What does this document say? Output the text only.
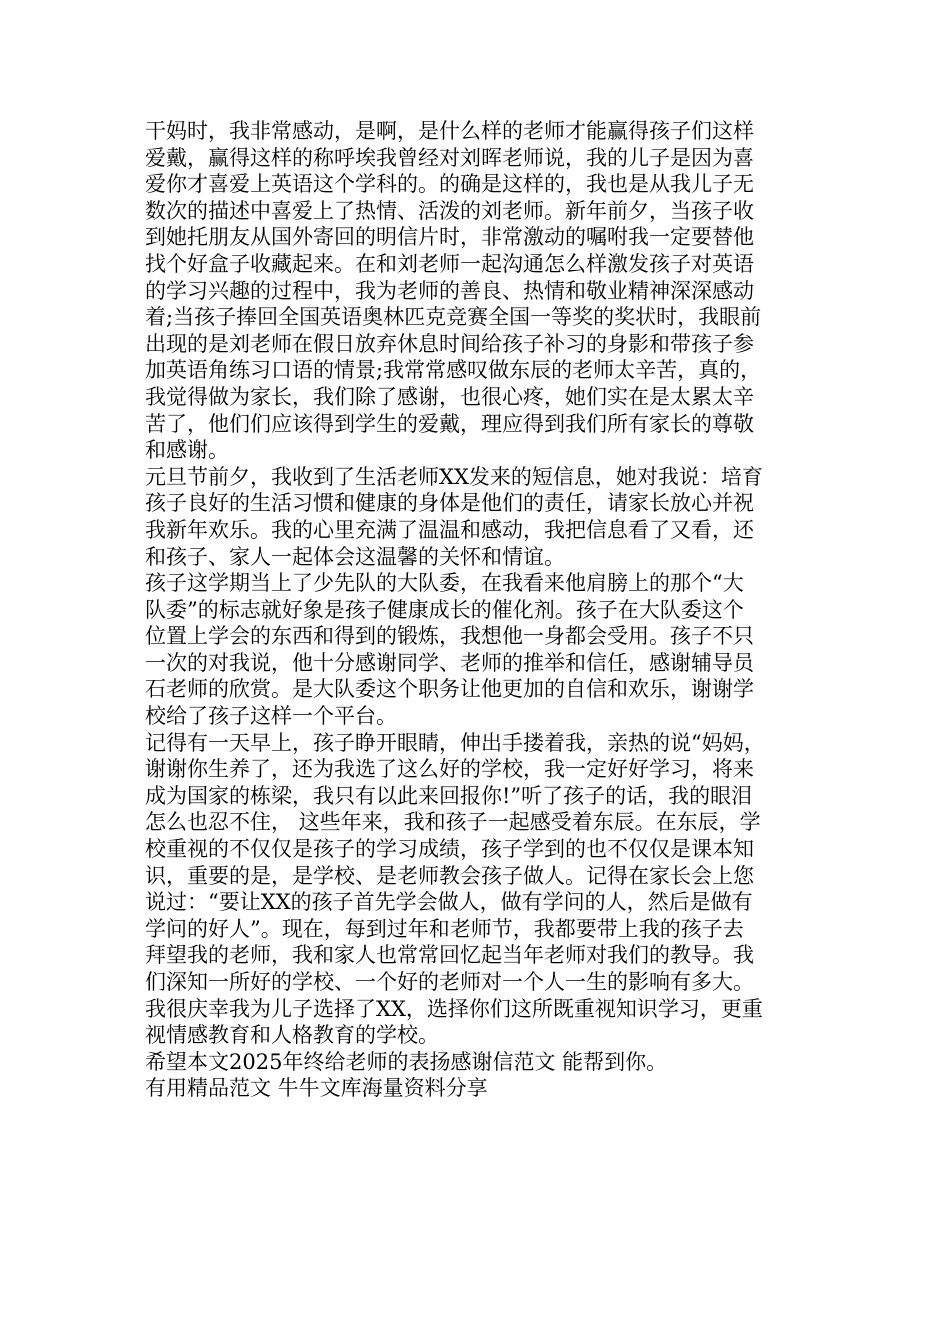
干妈时，我非常感动，是啊，是什么样的老师才能赢得孩子们这样
爱戴，赢得这样的称呼埃我曾经对刘晖老师说，我的儿子是因为喜
爱你才喜爱上英语这个学科的。的确是这样的，我也是从我儿子无
数次的描述中喜爱上了热情、活泼的刘老师。新年前夕，当孩子收
到她托朋友从国外寄回的明信片时，非常激动的嘱咐我一定要替他
找个好盒子收藏起来。在和刘老师一起沟通怎么样激发孩子对英语
的学习兴趣的过程中，我为老师的善良、热情和敬业精神深深感动
着;当孩子捧回全国英语奥林匹克竞赛全国一等奖的奖状时，我眼前
出现的是刘老师在假日放弃休息时间给孩子补习的身影和带孩子参
加英语角练习口语的情景;我常常感叹做东辰的老师太辛苦，真的，
我觉得做为家长，我们除了感谢，也很心疼，她们实在是太累太辛
苦了，他们们应该得到学生的爱戴，理应得到我们所有家长的尊敬
和感谢。
元旦节前夕，我收到了生活老师XX发来的短信息，她对我说：培育
孩子良好的生活习惯和健康的身体是他们的责任，请家长放心并祝
我新年欢乐。我的心里充满了温温和感动，我把信息看了又看，还
和孩子、家人一起体会这温馨的关怀和情谊。
孩子这学期当上了少先队的大队委，在我看来他肩膀上的那个“大
队委”的标志就好象是孩子健康成长的催化剂。孩子在大队委这个
位置上学会的东西和得到的锻炼，我想他一身都会受用。孩子不只
一次的对我说，他十分感谢同学、老师的推举和信任，感谢辅导员
石老师的欣赏。是大队委这个职务让他更加的自信和欢乐，谢谢学
校给了孩子这样一个平台。
记得有一天早上，孩子睁开眼睛，伸出手搂着我，亲热的说“妈妈，
谢谢你生养了，还为我选了这么好的学校，我一定好好学习，将来
成为国家的栋梁，我只有以此来回报你!”听了孩子的话，我的眼泪
怎么也忍不住， 这些年来，我和孩子一起感受着东辰。在东辰，学
校重视的不仅仅是孩子的学习成绩，孩子学到的也不仅仅是课本知
识，重要的是，是学校、是老师教会孩子做人。记得在家长会上您
说过：“要让XX的孩子首先学会做人，做有学问的人，然后是做有
学问的好人”。现在，每到过年和老师节，我都要带上我的孩子去
拜望我的老师，我和家人也常常回忆起当年老师对我们的教导。我
们深知一所好的学校、一个好的老师对一个人一生的影响有多大。
我很庆幸我为儿子选择了XX，选择你们这所既重视知识学习，更重
视情感教育和人格教育的学校。
希望本文2025年终给老师的表扬感谢信范文 能帮到你。
有用精品范文 牛牛文库海量资料分享
